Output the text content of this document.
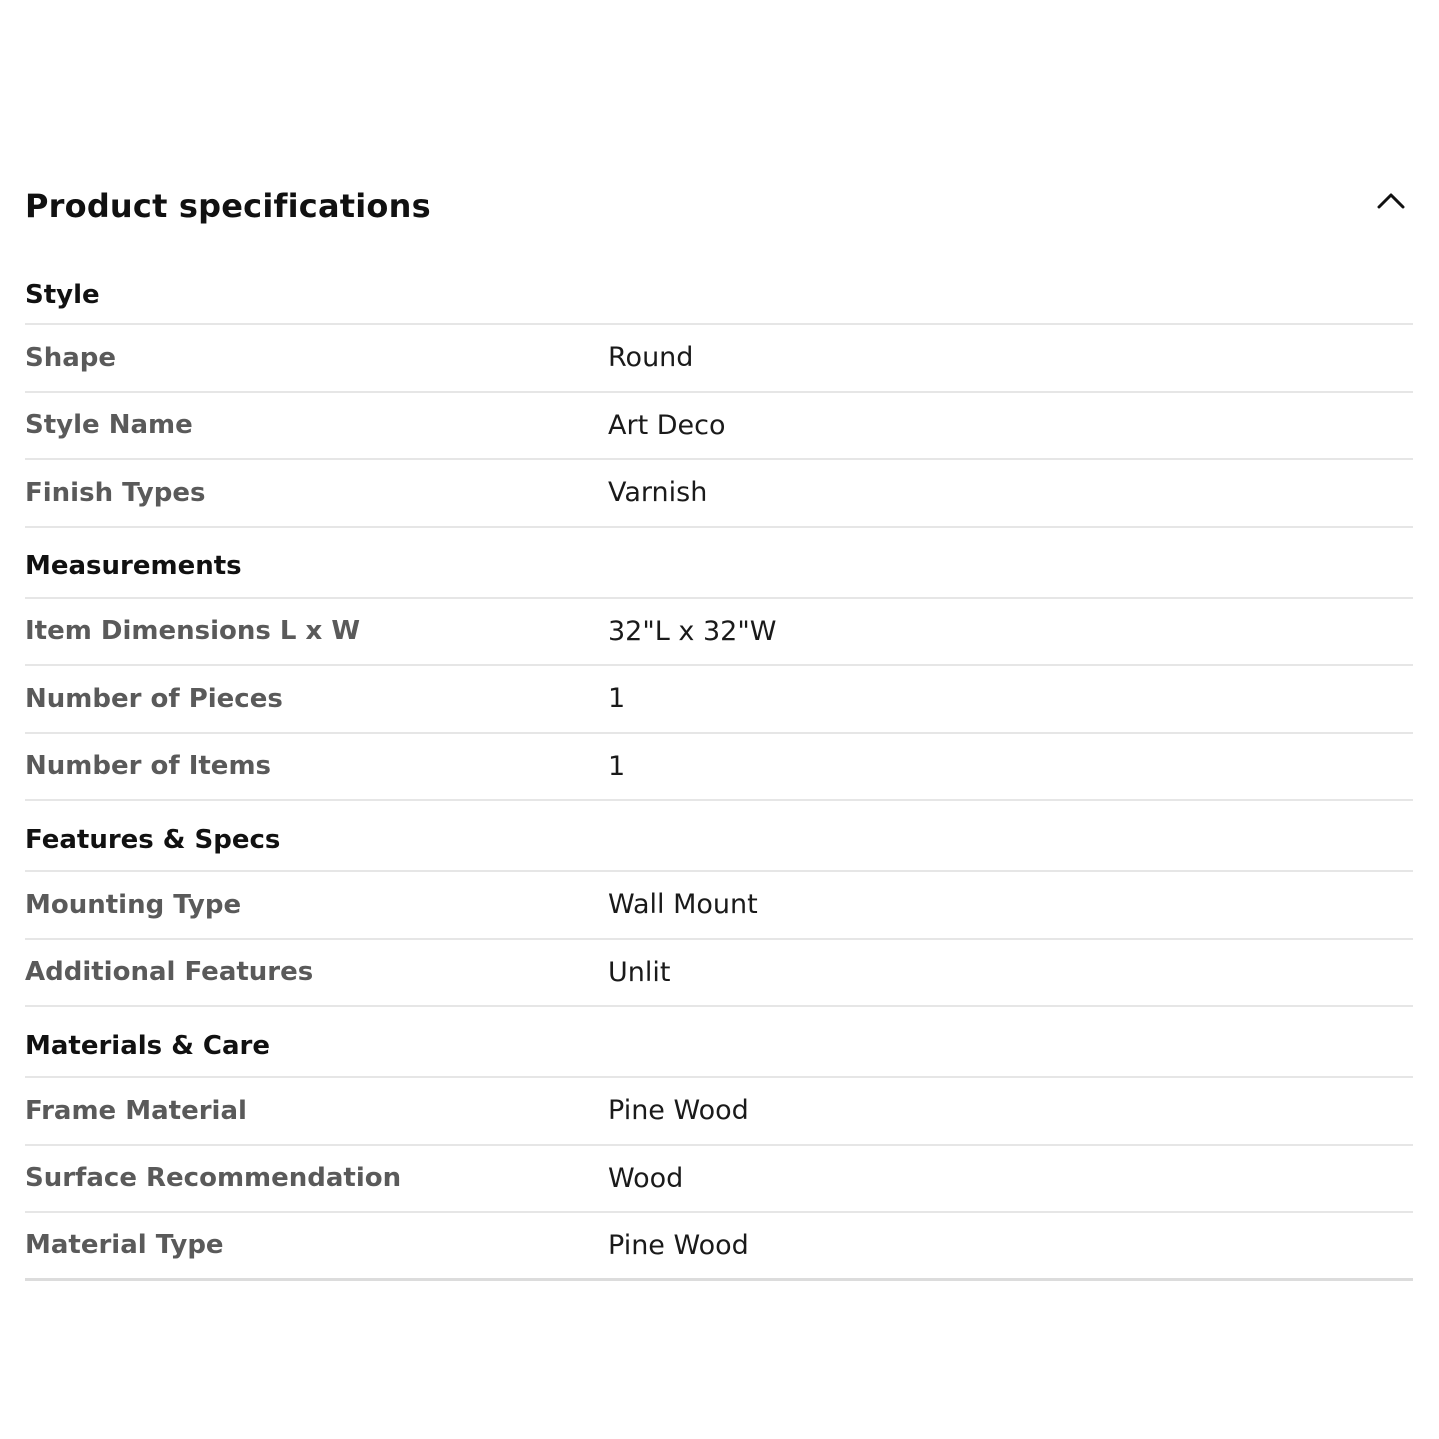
Product specifications
Style
Shape	Round
Style Name	Art Deco
Finish Types	Varnish
Measurements
Item Dimensions L x W	32"L x 32"W
Number of Pieces	1
Number of Items	1
Features & Specs
Mounting Type	Wall Mount
Additional Features	Unlit
Materials & Care
Frame Material	Pine Wood
Surface Recommendation	Wood
Material Type	Pine Wood
